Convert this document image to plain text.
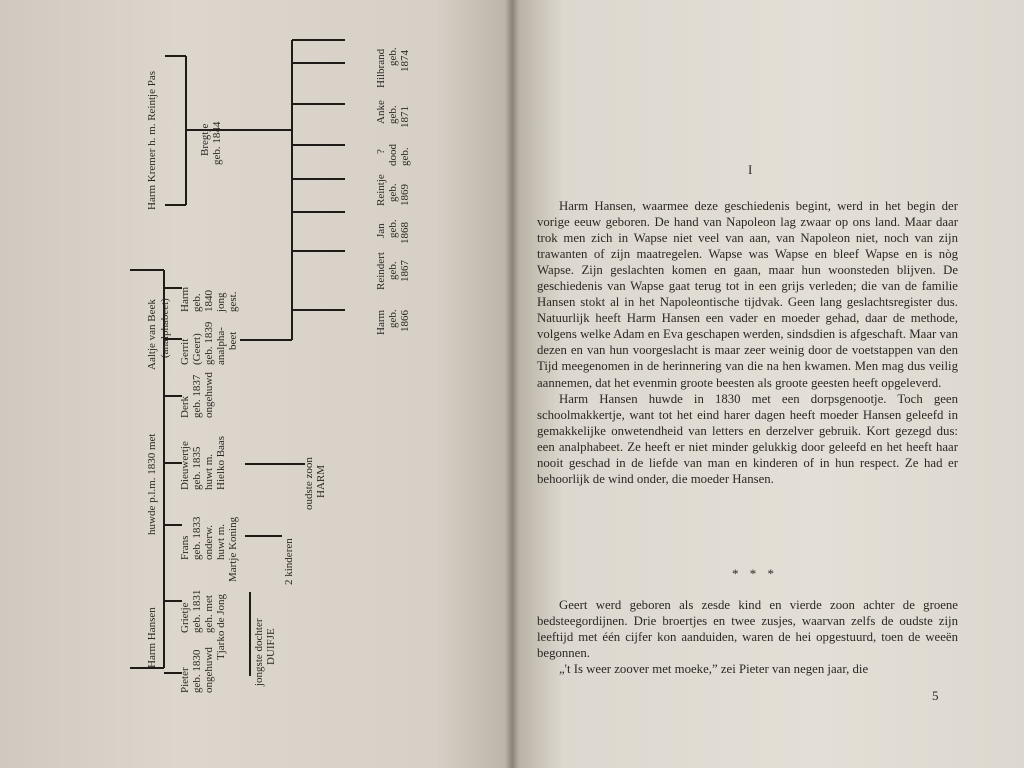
Harm Hansen
huwde p.l.m. 1830 met
Aaltje van Beek (analphabeet)
Pieter geb. 1830 ongehuwd
Grietje geb. 1831 geh. met Tjarko de Jong
Frans geb. 1833 onderw. huwt m. Martje Koning
Dieuwertje geb. 1835 huwt m. Hielko Baas
Derk geb. 1837 ongehuwd
Gerrit (Geert) geb. 1839 analpha- beet
Harm geb. 1840 jong gest.
jongste dochter DUIFJE
2 kinderen
oudste zoon HARM
Harm Kremer h. m. Reintje Pas	Bregtje geb. 1844
Harm geb. 1866
Reindert geb. 1867
Jan geb. 1868
Reintje geb. 1869
? dood geb.
Anke geb. 1871
Hilbrand geb. 1874
I

Harm Hansen, waarmee deze geschiedenis begint, werd in het begin der vorige eeuw geboren. De hand van Napoleon lag zwaar op ons land. Maar daar trok men zich in Wapse niet veel van aan, van Napoleon niet, noch van zijn trawanten of zijn maatregelen. Wapse was Wapse en bleef Wapse en is nòg Wapse. Zijn geslachten komen en gaan, maar hun woonsteden blijven. De geschiedenis van Wapse gaat terug tot in een grijs verleden; die van de familie Hansen stokt al in het Napoleontische tijdvak. Geen lang geslachtsregister dus. Natuurlijk heeft Harm Hansen een vader en moeder gehad, daar de methode, volgens welke Adam en Eva geschapen werden, sindsdien is afgeschaft. Maar van dezen en van hun voorgeslacht is maar zeer weinig door de voetstappen van den Tijd meegenomen in de herinnering van die na hen kwamen. Men mag dus veilig aannemen, dat het evenmin groote beesten als groote geesten heeft opgeleverd.

Harm Hansen huwde in 1830 met een dorpsgenootje. Toch geen schoolmakkertje, want tot het eind harer dagen heeft moeder Hansen geleefd in gemakkelijke onwetendheid van letters en derzelver gebruik. Kort gezegd dus: een analphabeet. Ze heeft er niet minder gelukkig door geleefd en het heeft haar nooit geschad in de liefde van man en kinderen of in hun respect. Ze had er behoorlijk de wind onder, die moeder Hansen.

* * *

Geert werd geboren als zesde kind en vierde zoon achter de groene bedsteegordijnen. Drie broertjes en twee zusjes, waarvan zelfs de oudste zijn leeftijd met één cijfer kon aanduiden, waren de hei opgestuurd, toen de weeën begonnen.

„'t Is weer zoover met moeke,” zei Pieter van negen jaar, die

5
